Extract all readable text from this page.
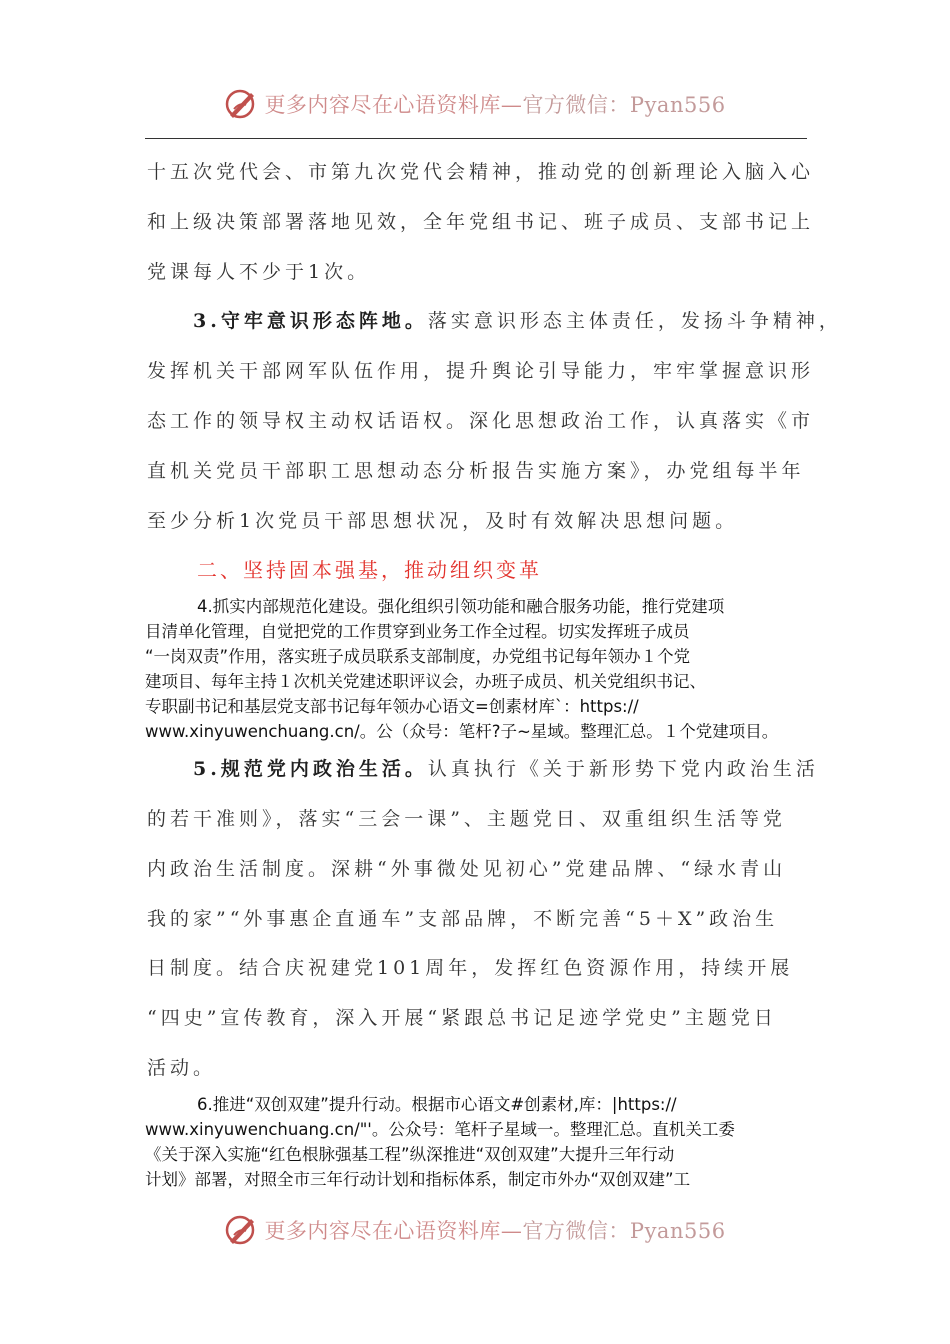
更多内容尽在心语资料库— 官方微信：Pyan556
十五次党代会、市第九次党代会精神，推动党的创新理论入脑入心
和上级决策部署落地见效，全年党组书记、班子成员、支部书记上
党课每人不少于1次。
3.守牢意识形态阵地。落实意识形态主体责任，发扬斗争精神，
发挥机关干部网军队伍作用，提升舆论引导能力，牢牢掌握意识形
态工作的领导权主动权话语权。深化思想政治工作，认真落实《市
直机关党员干部职工思想动态分析报告实施方案》，办党组每半年
至少分析1次党员干部思想状况，及时有效解决思想问题。
二、坚持固本强基，推动组织变革
4.抓实内部规范化建设。强化组织引领功能和融合服务功能，推行党建项
目清单化管理，自觉把党的工作贯穿到业务工作全过程。切实发挥班子成员
“一岗双责”作用，落实班子成员联系支部制度，办党组书记每年领办１个党
建项目、每年主持１次机关党建述职评议会，办班子成员、机关党组织书记、
专职副书记和基层党支部书记每年领办心语文=创素材库`：https://
www.xinyuwenchuang.cn/。公（众号：笔杆?子~星域。整理汇总。１个党建项目。
5.规范党内政治生活。认真执行《关于新形势下党内政治生活
的若干准则》，落实“三会一课”、主题党日、双重组织生活等党
内政治生活制度。深耕“外事微处见初心”党建品牌、“绿水青山
我的家”“外事惠企直通车”支部品牌，不断完善“5＋X”政治生
日制度。结合庆祝建党101周年，发挥红色资源作用，持续开展
“四史”宣传教育，深入开展“紧跟总书记足迹学党史”主题党日
活动。
6.推进“双创双建”提升行动。根据市心语文#创素材,库：|https://
www.xinyuwenchuang.cn/"'。公众号：笔杆子星域一。整理汇总。直机关工委
《关于深入实施“红色根脉强基工程”纵深推进“双创双建”大提升三年行动
计划》部署，对照全市三年行动计划和指标体系，制定市外办“双创双建”工
更多内容尽在心语资料库— 官方微信：Pyan556
